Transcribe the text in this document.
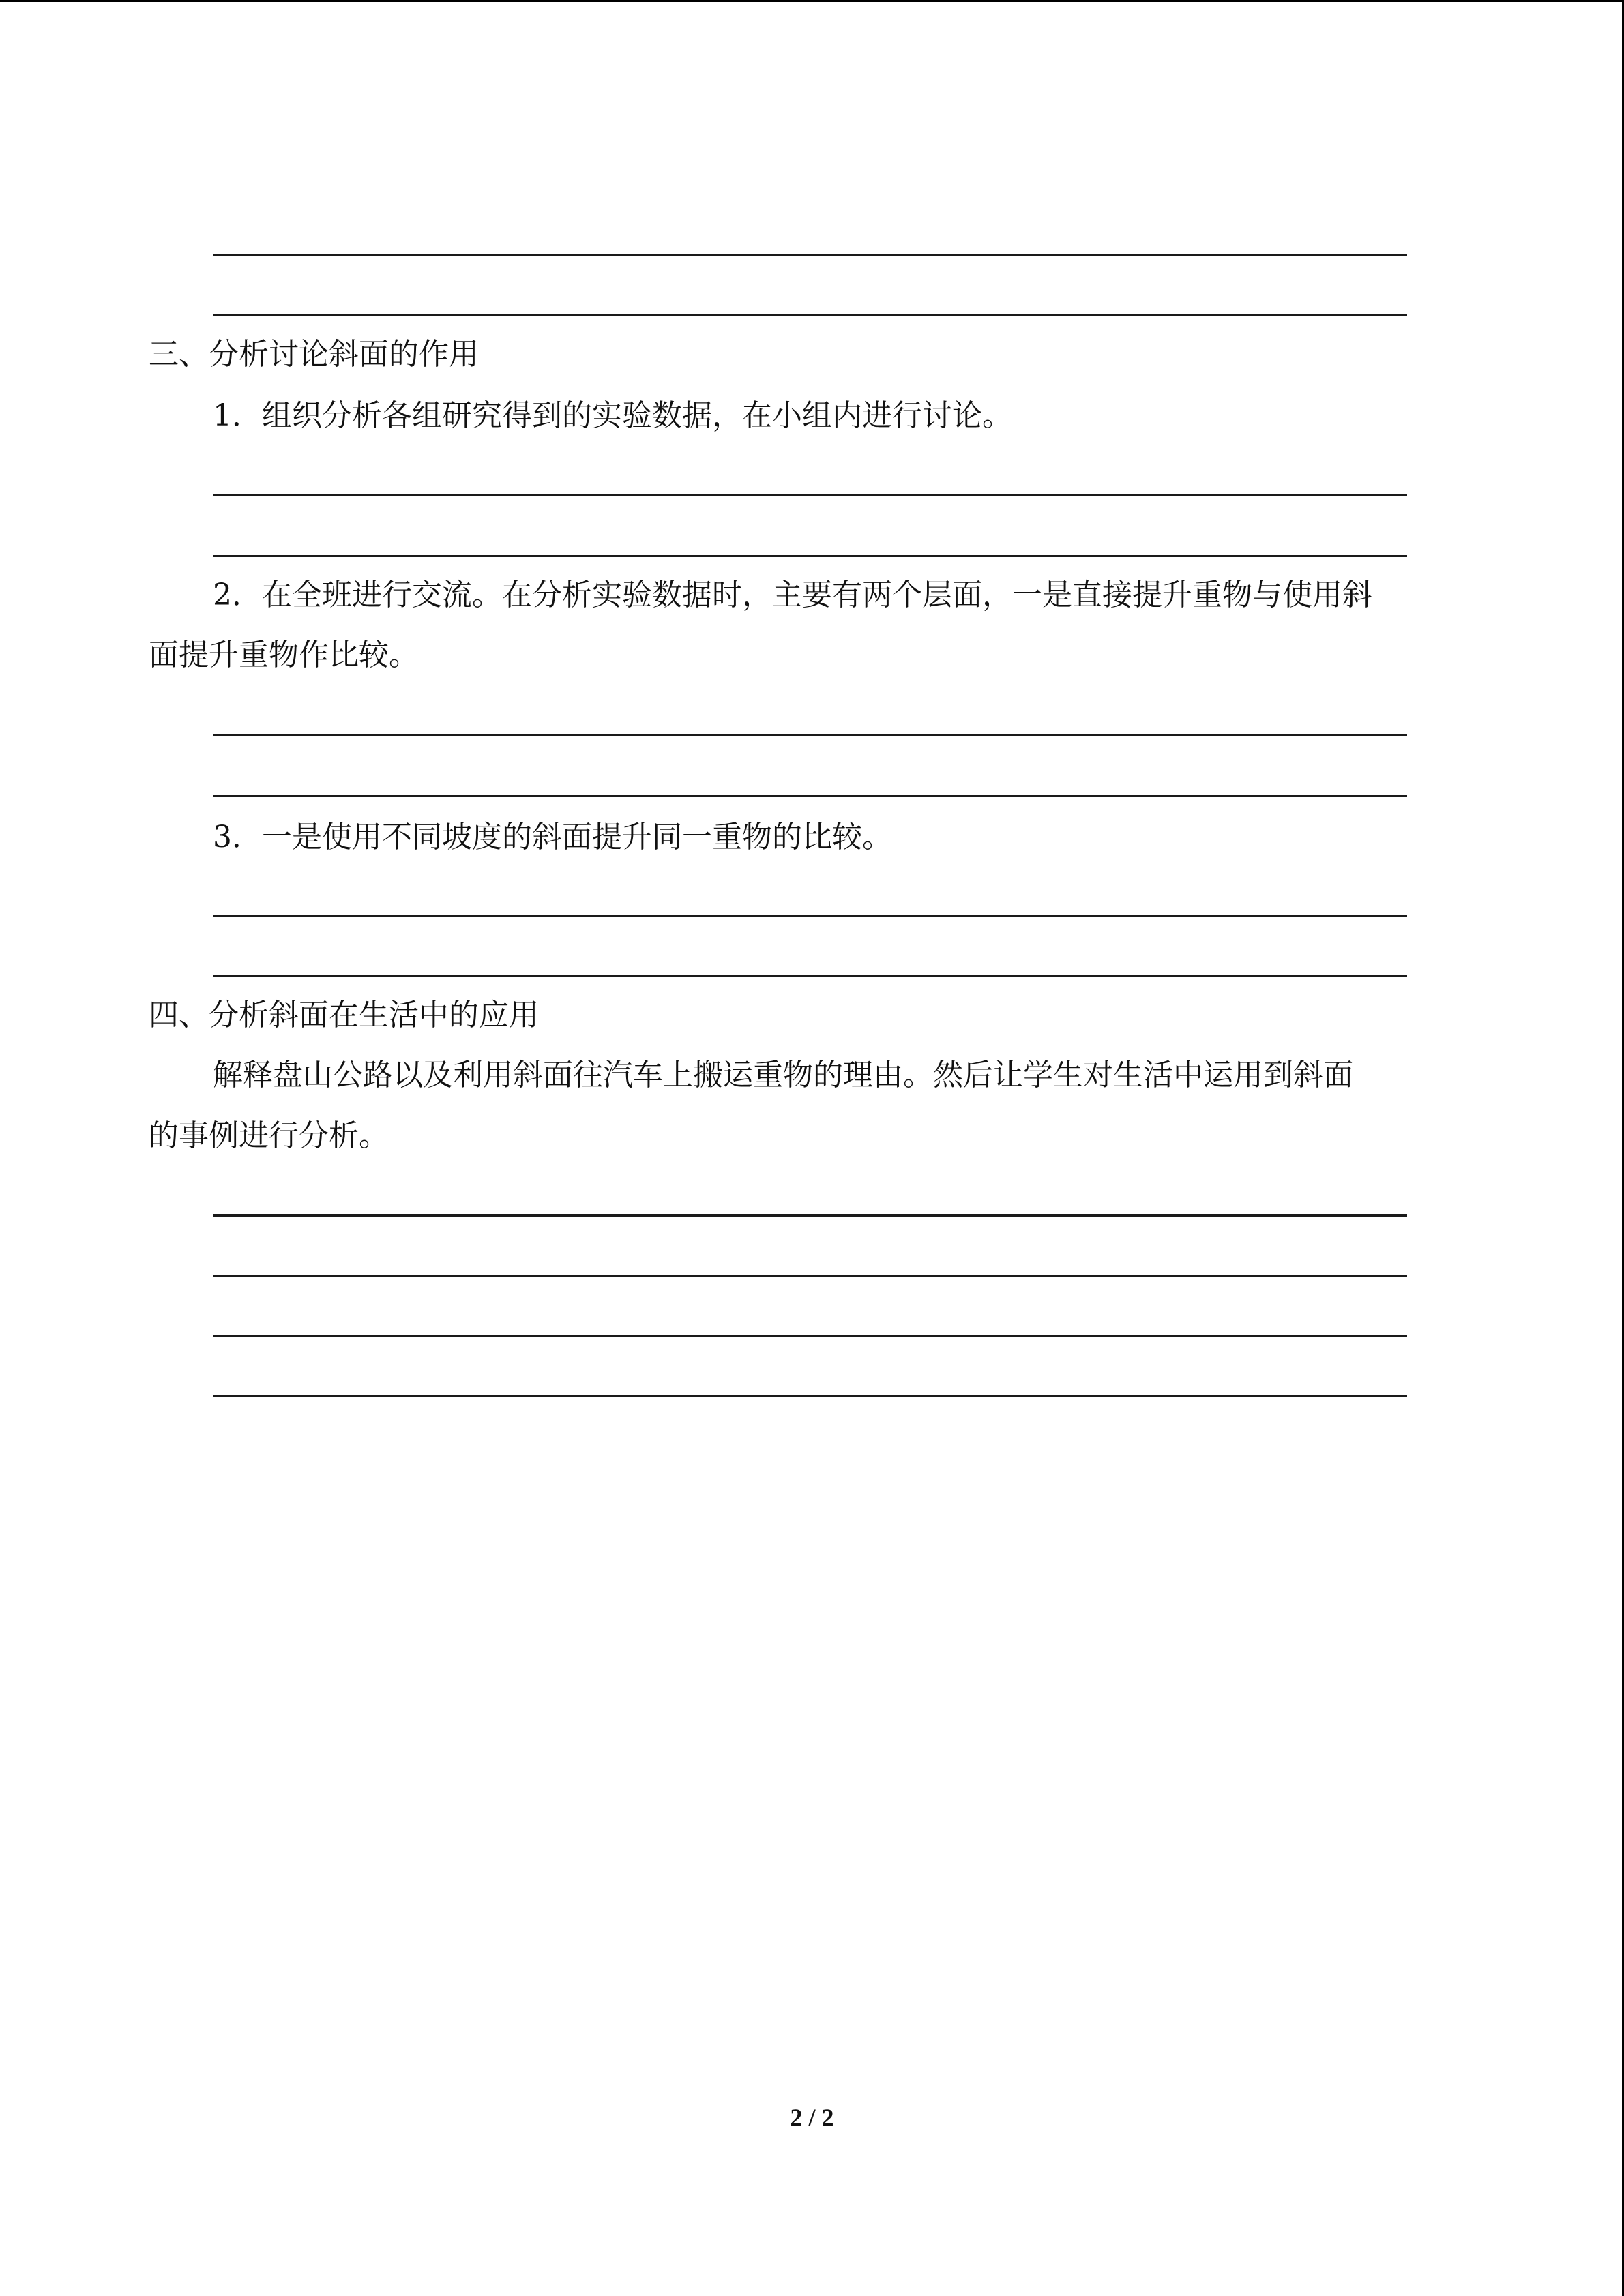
三、分析讨论斜面的作用
1．组织分析各组研究得到的实验数据，在小组内进行讨论。
2．在全班进行交流。在分析实验数据时，主要有两个层面，一是直接提升重物与使用斜
面提升重物作比较。
3．一是使用不同坡度的斜面提升同一重物的比较。
四、分析斜面在生活中的应用
解释盘山公路以及利用斜面往汽车上搬运重物的理由。然后让学生对生活中运用到斜面
的事例进行分析。
2 / 2
